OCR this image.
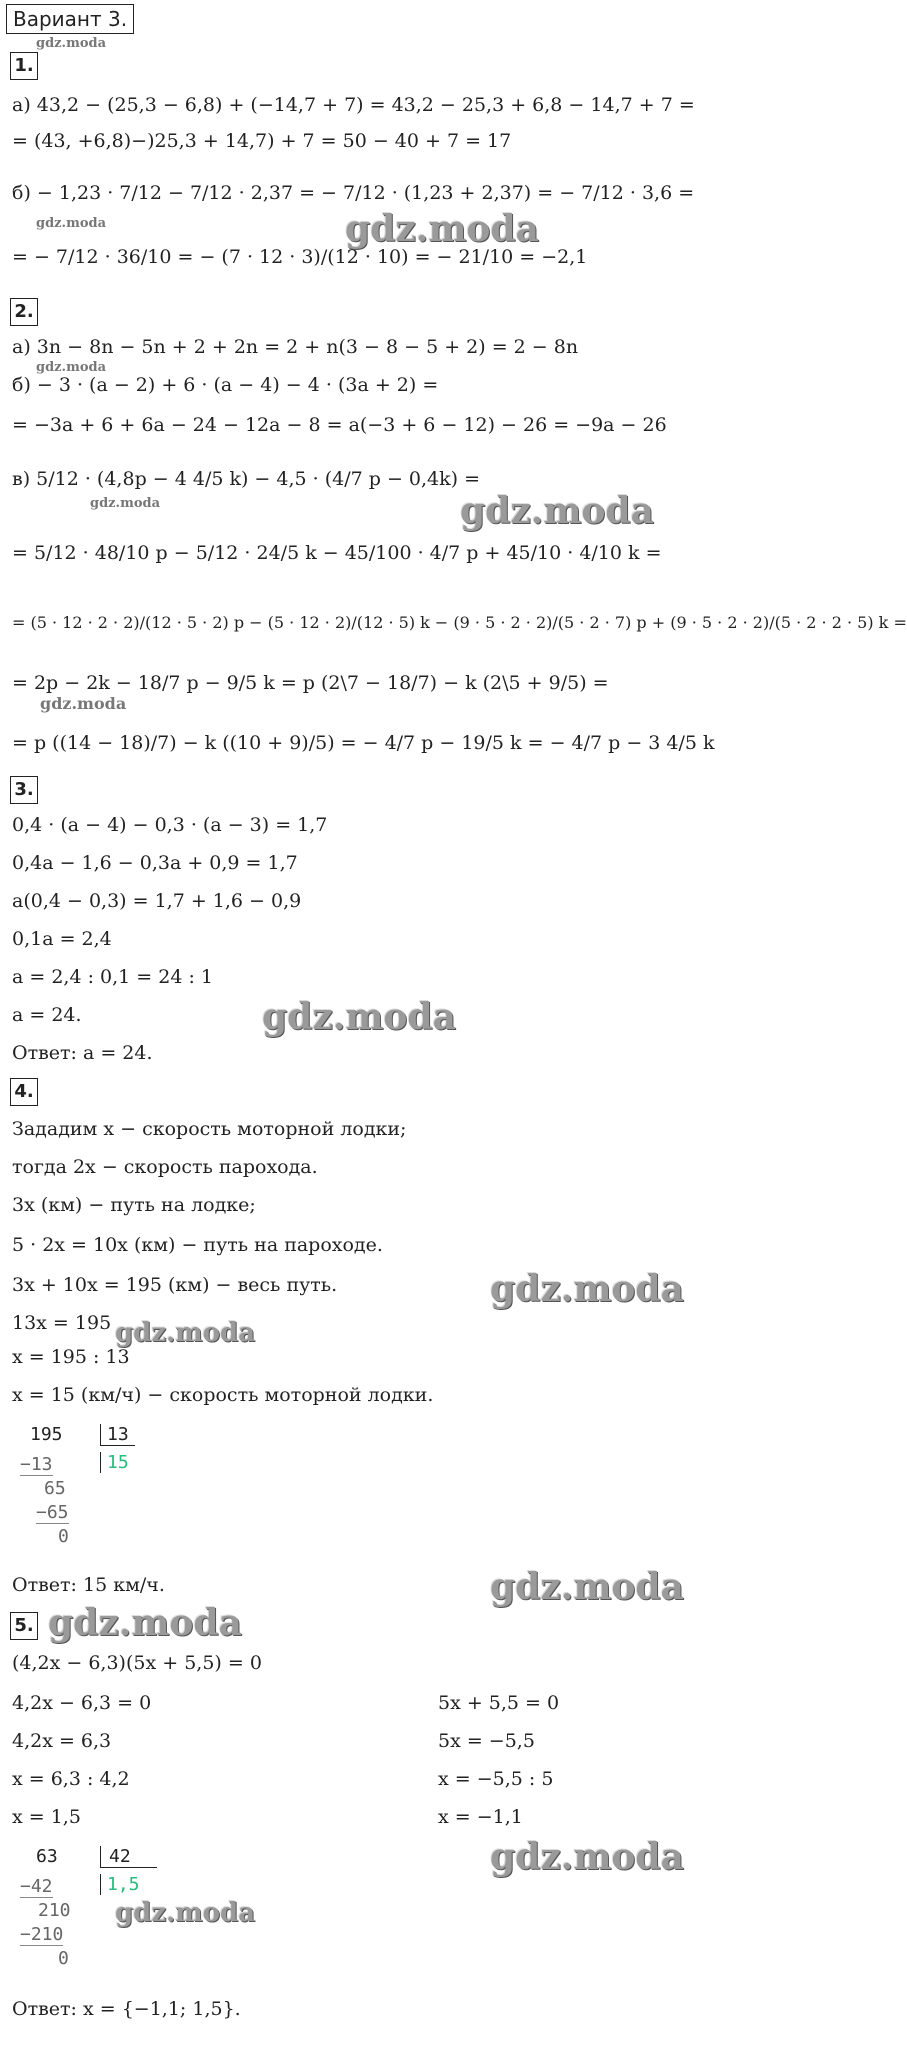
Вариант 3.
gdz.moda
1.
а) 43,2 − (25,3 − 6,8) + (−14,7 + 7) = 43,2 − 25,3 + 6,8 − 14,7 + 7 =
= (43, +6,8)−)25,3 + 14,7) + 7 = 50 − 40 + 7 = 17
б) − 1,23 · 7/12 − 7/12 · 2,37 = − 7/12 · (1,23 + 2,37) = − 7/12 · 3,6 =
gdz.moda
= − 7/12 · 36/10 = − (7 · 12 · 3)/(12 · 10) = − 21/10 = −2,1
gdz.moda
2.
а) 3n − 8n − 5n + 2 + 2n = 2 + n(3 − 8 − 5 + 2) = 2 − 8n
gdz.moda
б) − 3 · (a − 2) + 6 · (a − 4) − 4 · (3a + 2) =
= −3a + 6 + 6a − 24 − 12a − 8 = a(−3 + 6 − 12) − 26 = −9a − 26
в) 5/12 · (4,8p − 4 4/5 k) − 4,5 · (4/7 p − 0,4k) =
gdz.moda	gdz.moda
= 5/12 · 48/10 p − 5/12 · 24/5 k − 45/100 · 4/7 p + 45/10 · 4/10 k =
= (5 · 12 · 2 · 2)/(12 · 5 · 2) p − (5 · 12 · 2)/(12 · 5) k − (9 · 5 · 2 · 2)/(5 · 2 · 7) p + (9 · 5 · 2 · 2)/(5 · 2 · 2 · 5) k =
= 2p − 2k − 18/7 p − 9/5 k = p (2\7 − 18/7) − k (2\5 + 9/5) =
gdz.moda
= p ((14 − 18)/7) − k ((10 + 9)/5) = − 4/7 p − 19/5 k = − 4/7 p − 3 4/5 k
3.
0,4 · (a − 4) − 0,3 · (a − 3) = 1,7
0,4a − 1,6 − 0,3a + 0,9 = 1,7
a(0,4 − 0,3) = 1,7 + 1,6 − 0,9
0,1a = 2,4
a = 2,4 : 0,1 = 24 : 1
a = 24.	gdz.moda
Ответ: a = 24.
4.
Зададим x − скорость моторной лодки;
тогда 2x − скорость парохода.
3x (км) − путь на лодке;
5 · 2x = 10x (км) − путь на пароходе.
3x + 10x = 195 (км) − весь путь.	gdz.moda
13x = 195 gdz.moda
x = 195 : 13
x = 15 (км/ч) − скорость моторной лодки.
195	13
15
−13
65
−65
0
Ответ: 15 км/ч.	gdz.moda
5. gdz.moda
(4,2x − 6,3)(5x + 5,5) = 0
4,2x − 6,3 = 0
4,2x = 6,3
x = 6,3 : 4,2
x = 1,5
5x + 5,5 = 0
5x = −5,5
x = −5,5 : 5
x = −1,1
gdz.moda
63	42
1,5
−42
210
−210
0
gdz.moda
Ответ: x = {−1,1; 1,5}.
